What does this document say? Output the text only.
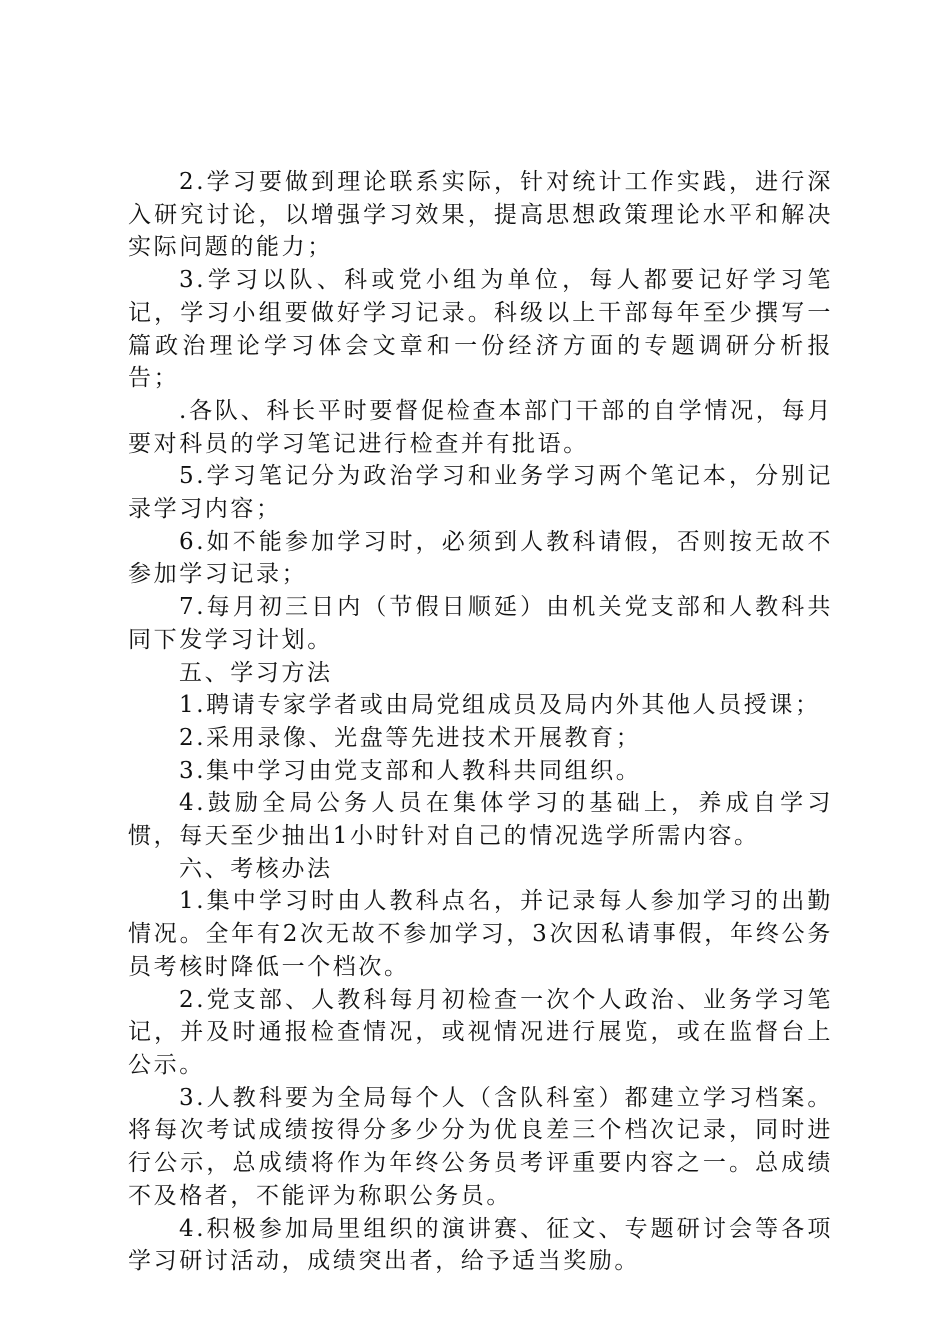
2.学习要做到理论联系实际，针对统计工作实践，进行深入研究讨论，以增强学习效果，提高思想政策理论水平和解决实际问题的能力；

3.学习以队、科或党小组为单位，每人都要记好学习笔记，学习小组要做好学习记录。科级以上干部每年至少撰写一篇政治理论学习体会文章和一份经济方面的专题调研分析报告；

.各队、科长平时要督促检查本部门干部的自学情况，每月要对科员的学习笔记进行检查并有批语。

5.学习笔记分为政治学习和业务学习两个笔记本，分别记录学习内容；

6.如不能参加学习时，必须到人教科请假，否则按无故不参加学习记录；

7.每月初三日内（节假日顺延）由机关党支部和人教科共同下发学习计划。

五、学习方法

1.聘请专家学者或由局党组成员及局内外其他人员授课；

2.采用录像、光盘等先进技术开展教育；

3.集中学习由党支部和人教科共同组织。

4.鼓励全局公务人员在集体学习的基础上，养成自学习惯，每天至少抽出1小时针对自己的情况选学所需内容。

六、考核办法

1.集中学习时由人教科点名，并记录每人参加学习的出勤情况。全年有2次无故不参加学习，3次因私请事假，年终公务员考核时降低一个档次。

2.党支部、人教科每月初检查一次个人政治、业务学习笔记，并及时通报检查情况，或视情况进行展览，或在监督台上公示。

3.人教科要为全局每个人（含队科室）都建立学习档案。将每次考试成绩按得分多少分为优良差三个档次记录，同时进行公示，总成绩将作为年终公务员考评重要内容之一。总成绩不及格者，不能评为称职公务员。

4.积极参加局里组织的演讲赛、征文、专题研讨会等各项学习研讨活动，成绩突出者，给予适当奖励。
